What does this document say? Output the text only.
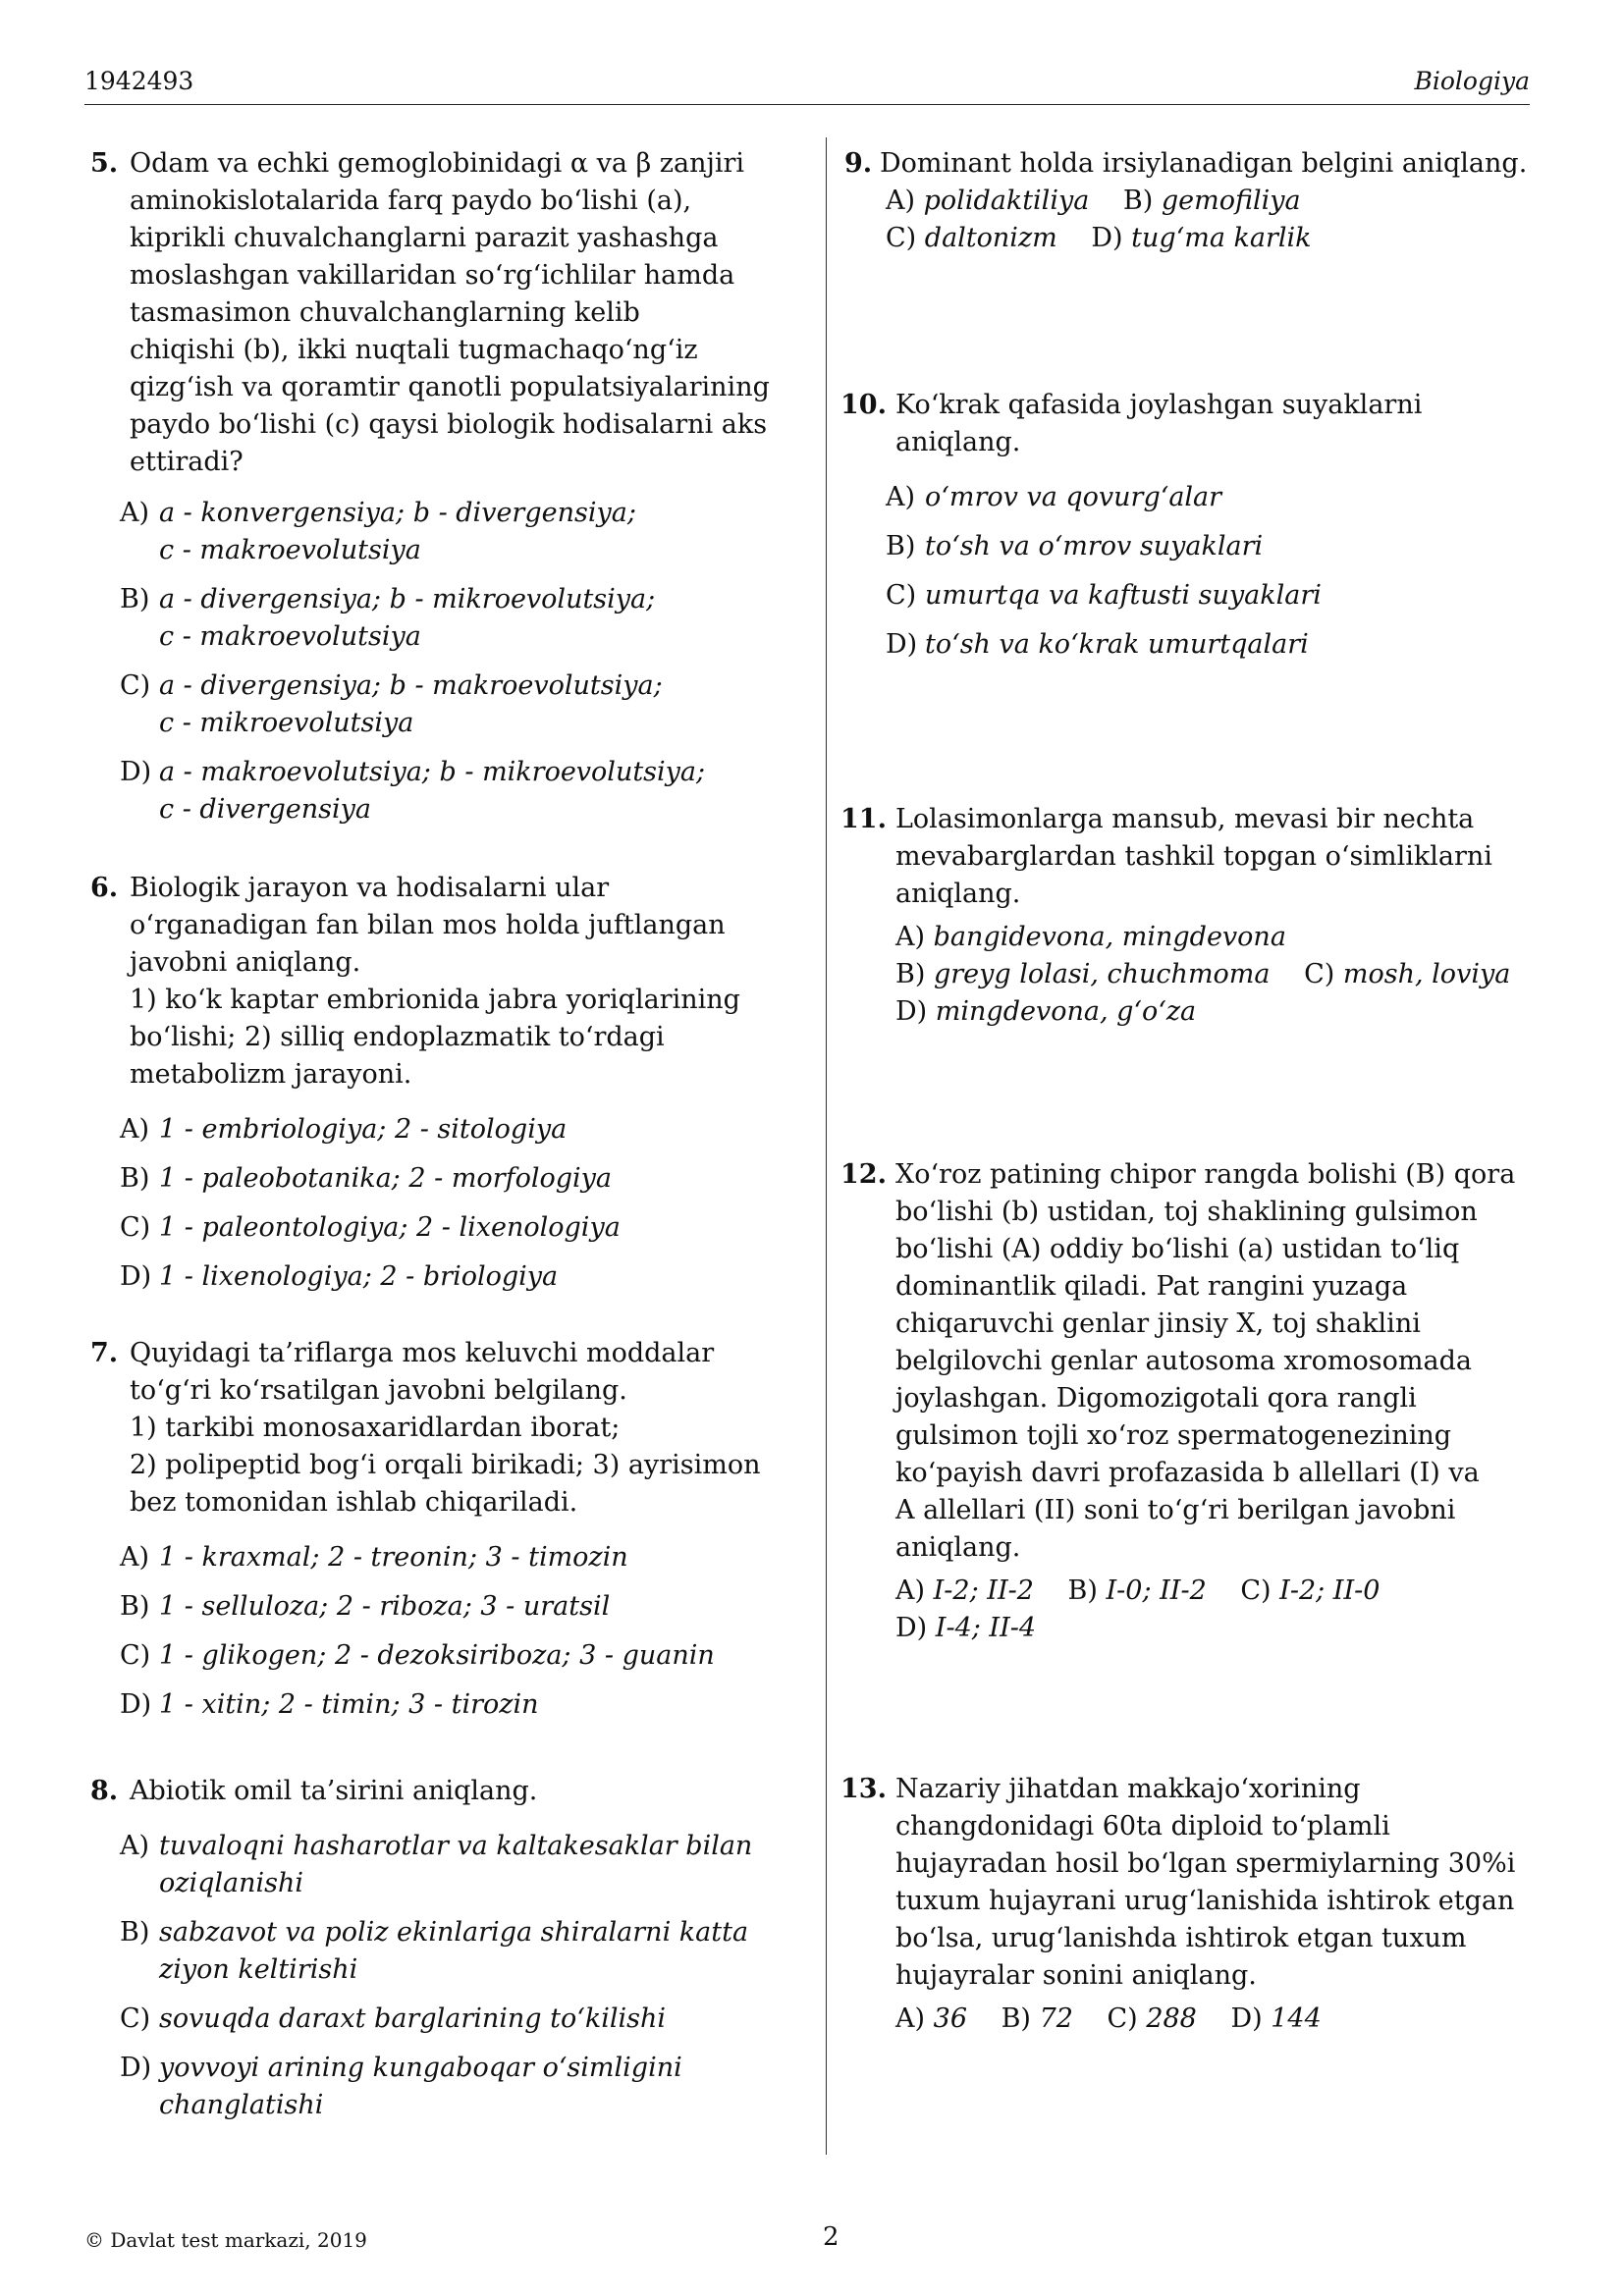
1942493	Biologiya
5. Odam va echki gemoglobinidagi α va β zanjiri
aminokislotalarida farq paydo boʻlishi (a),
kiprikli chuvalchanglarni parazit yashashga
moslashgan vakillaridan soʻrgʻichlilar hamda
tasmasimon chuvalchanglarning kelib
chiqishi (b), ikki nuqtali tugmachaqoʻngʻiz
qizgʻish va qoramtir qanotli populatsiyalarining
paydo boʻlishi (c) qaysi biologik hodisalarni aks
ettiradi?
A) a - konvergensiya; b - divergensiya;
c - makroevolutsiya
B) a - divergensiya; b - mikroevolutsiya;
c - makroevolutsiya
C) a - divergensiya; b - makroevolutsiya;
c - mikroevolutsiya
D) a - makroevolutsiya; b - mikroevolutsiya;
c - divergensiya
6. Biologik jarayon va hodisalarni ular
oʻrganadigan fan bilan mos holda juftlangan
javobni aniqlang.
1) koʻk kaptar embrionida jabra yoriqlarining
boʻlishi; 2) silliq endoplazmatik toʻrdagi
metabolizm jarayoni.
A) 1 - embriologiya; 2 - sitologiya
B) 1 - paleobotanika; 2 - morfologiya
C) 1 - paleontologiya; 2 - lixenologiya
D) 1 - lixenologiya; 2 - briologiya
7. Quyidagi ta’riflarga mos keluvchi moddalar
toʻgʻri koʻrsatilgan javobni belgilang.
1) tarkibi monosaxaridlardan iborat;
2) polipeptid bogʻi orqali birikadi; 3) ayrisimon
bez tomonidan ishlab chiqariladi.
A) 1 - kraxmal; 2 - treonin; 3 - timozin
B) 1 - selluloza; 2 - riboza; 3 - uratsil
C) 1 - glikogen; 2 - dezoksiriboza; 3 - guanin
D) 1 - xitin; 2 - timin; 3 - tirozin
8. Abiotik omil ta’sirini aniqlang.
A) tuvaloqni hasharotlar va kaltakesaklar bilan
oziqlanishi
B) sabzavot va poliz ekinlariga shiralarni katta
ziyon keltirishi
C) sovuqda daraxt barglarining toʻkilishi
D) yovvoyi arining kungaboqar oʻsimligini
changlatishi
9. Dominant holda irsiylanadigan belgini aniqlang.
A) polidaktiliya B) gemofiliya
C) daltonizm D) tugʻma karlik
10. Koʻkrak qafasida joylashgan suyaklarni
aniqlang.
A) oʻmrov va qovurgʻalar
B) toʻsh va oʻmrov suyaklari
C) umurtqa va kaftusti suyaklari
D) toʻsh va koʻkrak umurtqalari
11. Lolasimonlarga mansub, mevasi bir nechta
mevabarglardan tashkil topgan oʻsimliklarni
aniqlang.
A) bangidevona, mingdevona
B) greyg lolasi, chuchmoma C) mosh, loviya
D) mingdevona, gʻoʻza
12. Xoʻroz patining chipor rangda bolishi (B) qora
boʻlishi (b) ustidan, toj shaklining gulsimon
boʻlishi (A) oddiy boʻlishi (a) ustidan toʻliq
dominantlik qiladi. Pat rangini yuzaga
chiqaruvchi genlar jinsiy X, toj shaklini
belgilovchi genlar autosoma xromosomada
joylashgan. Digomozigotali qora rangli
gulsimon tojli xoʻroz spermatogenezining
koʻpayish davri profazasida b allellari (I) va
A allellari (II) soni toʻgʻri berilgan javobni
aniqlang.
A) I-2; II-2 B) I-0; II-2 C) I-2; II-0
D) I-4; II-4
13. Nazariy jihatdan makkajoʻxorining
changdonidagi 60ta diploid toʻplamli
hujayradan hosil boʻlgan spermiylarning 30%i
tuxum hujayrani urugʻlanishida ishtirok etgan
boʻlsa, urugʻlanishda ishtirok etgan tuxum
hujayralar sonini aniqlang.
A) 36 B) 72 C) 288 D) 144
© Davlat test markazi, 2019	2
